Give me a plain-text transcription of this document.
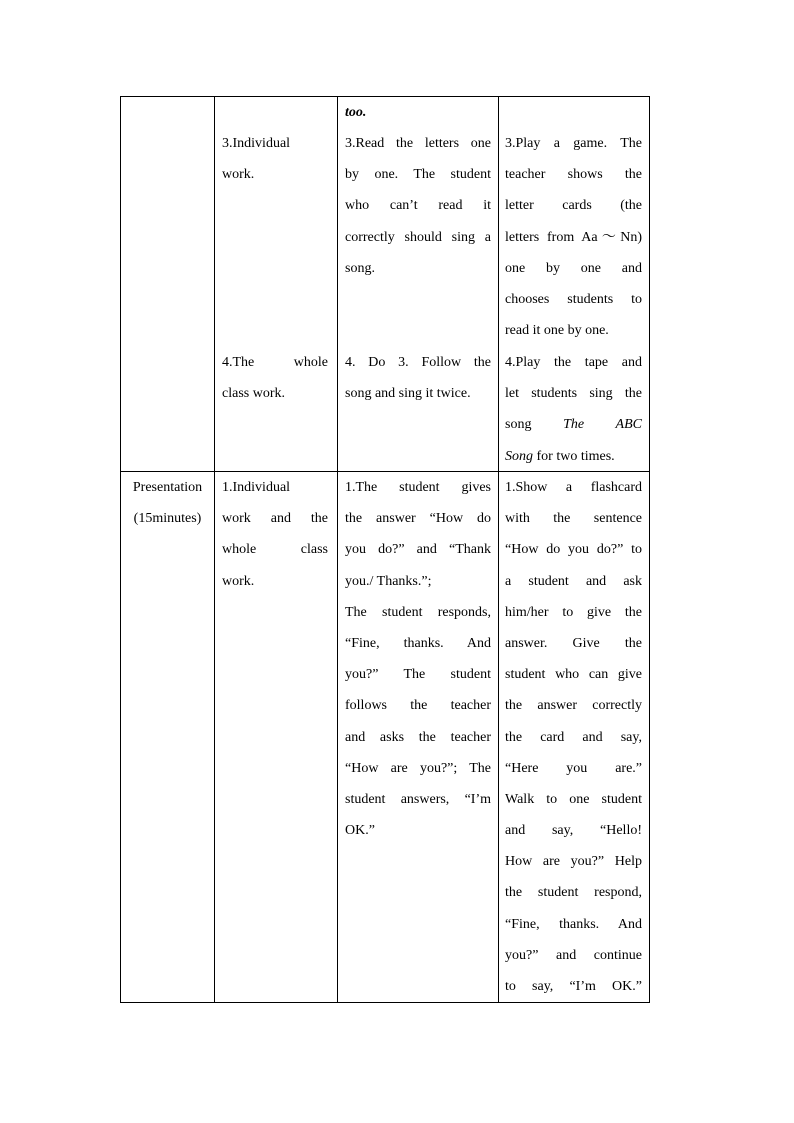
3.Individual
work.
4.The whole
class work.
too.
3.Read the letters one
by one. The student
who can’t read it
correctly should sing a
song.
4. Do 3. Follow the
song and sing it twice.
3.Play a game. The
teacher shows the
letter cards (the
letters from Aa～Nn)
one by one and
chooses students to
read it one by one.
4.Play the tape and
let students sing the
song The ABC
Song for two times.
Presentation
(15minutes)
1.Individual
work and the
whole class
work.
1.The student gives
the answer “How do
you do?” and “Thank
you./ Thanks.”;
The student responds,
“Fine, thanks. And
you?” The student
follows the teacher
and asks the teacher
“How are you?”; The
student answers, “I’m
OK.”
1.Show a flashcard
with the sentence
“How do you do?” to
a student and ask
him/her to give the
answer. Give the
student who can give
the answer correctly
the card and say,
“Here you are.”
Walk to one student
and say, “Hello!
How are you?” Help
the student respond,
“Fine, thanks. And
you?” and continue
to say, “I’m OK.”
